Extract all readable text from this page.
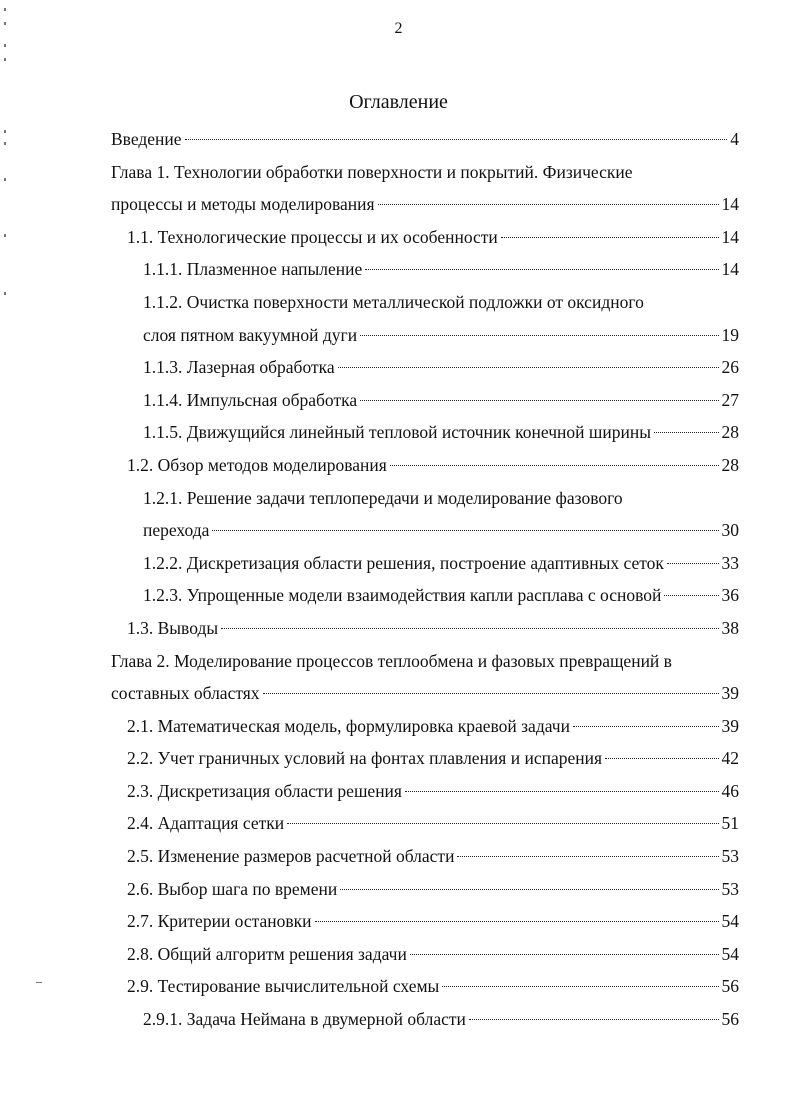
2
Оглавление
Введение	4
Глава 1. Технологии обработки поверхности и покрытий. Физические
процессы и методы моделирования	14
1.1. Технологические процессы и их особенности	14
1.1.1. Плазменное напыление	14
1.1.2. Очистка поверхности металлической подложки от оксидного
слоя пятном вакуумной дуги	19
1.1.3. Лазерная обработка	26
1.1.4. Импульсная обработка	27
1.1.5. Движущийся линейный тепловой источник конечной ширины	28
1.2. Обзор методов моделирования	28
1.2.1. Решение задачи теплопередачи и моделирование фазового
перехода	30
1.2.2. Дискретизация области решения, построение адаптивных сеток	33
1.2.3. Упрощенные модели взаимодействия капли расплава с основой	36
1.3. Выводы	38
Глава 2. Моделирование процессов теплообмена и фазовых превращений в
составных областях	39
2.1. Математическая модель, формулировка краевой задачи	39
2.2. Учет граничных условий на фонтах плавления и испарения	42
2.3. Дискретизация области решения	46
2.4. Адаптация сетки	51
2.5. Изменение размеров расчетной области	53
2.6. Выбор шага по времени	53
2.7. Критерии остановки	54
2.8. Общий алгоритм решения задачи	54
2.9. Тестирование вычислительной схемы	56
2.9.1. Задача Неймана в двумерной области	56
